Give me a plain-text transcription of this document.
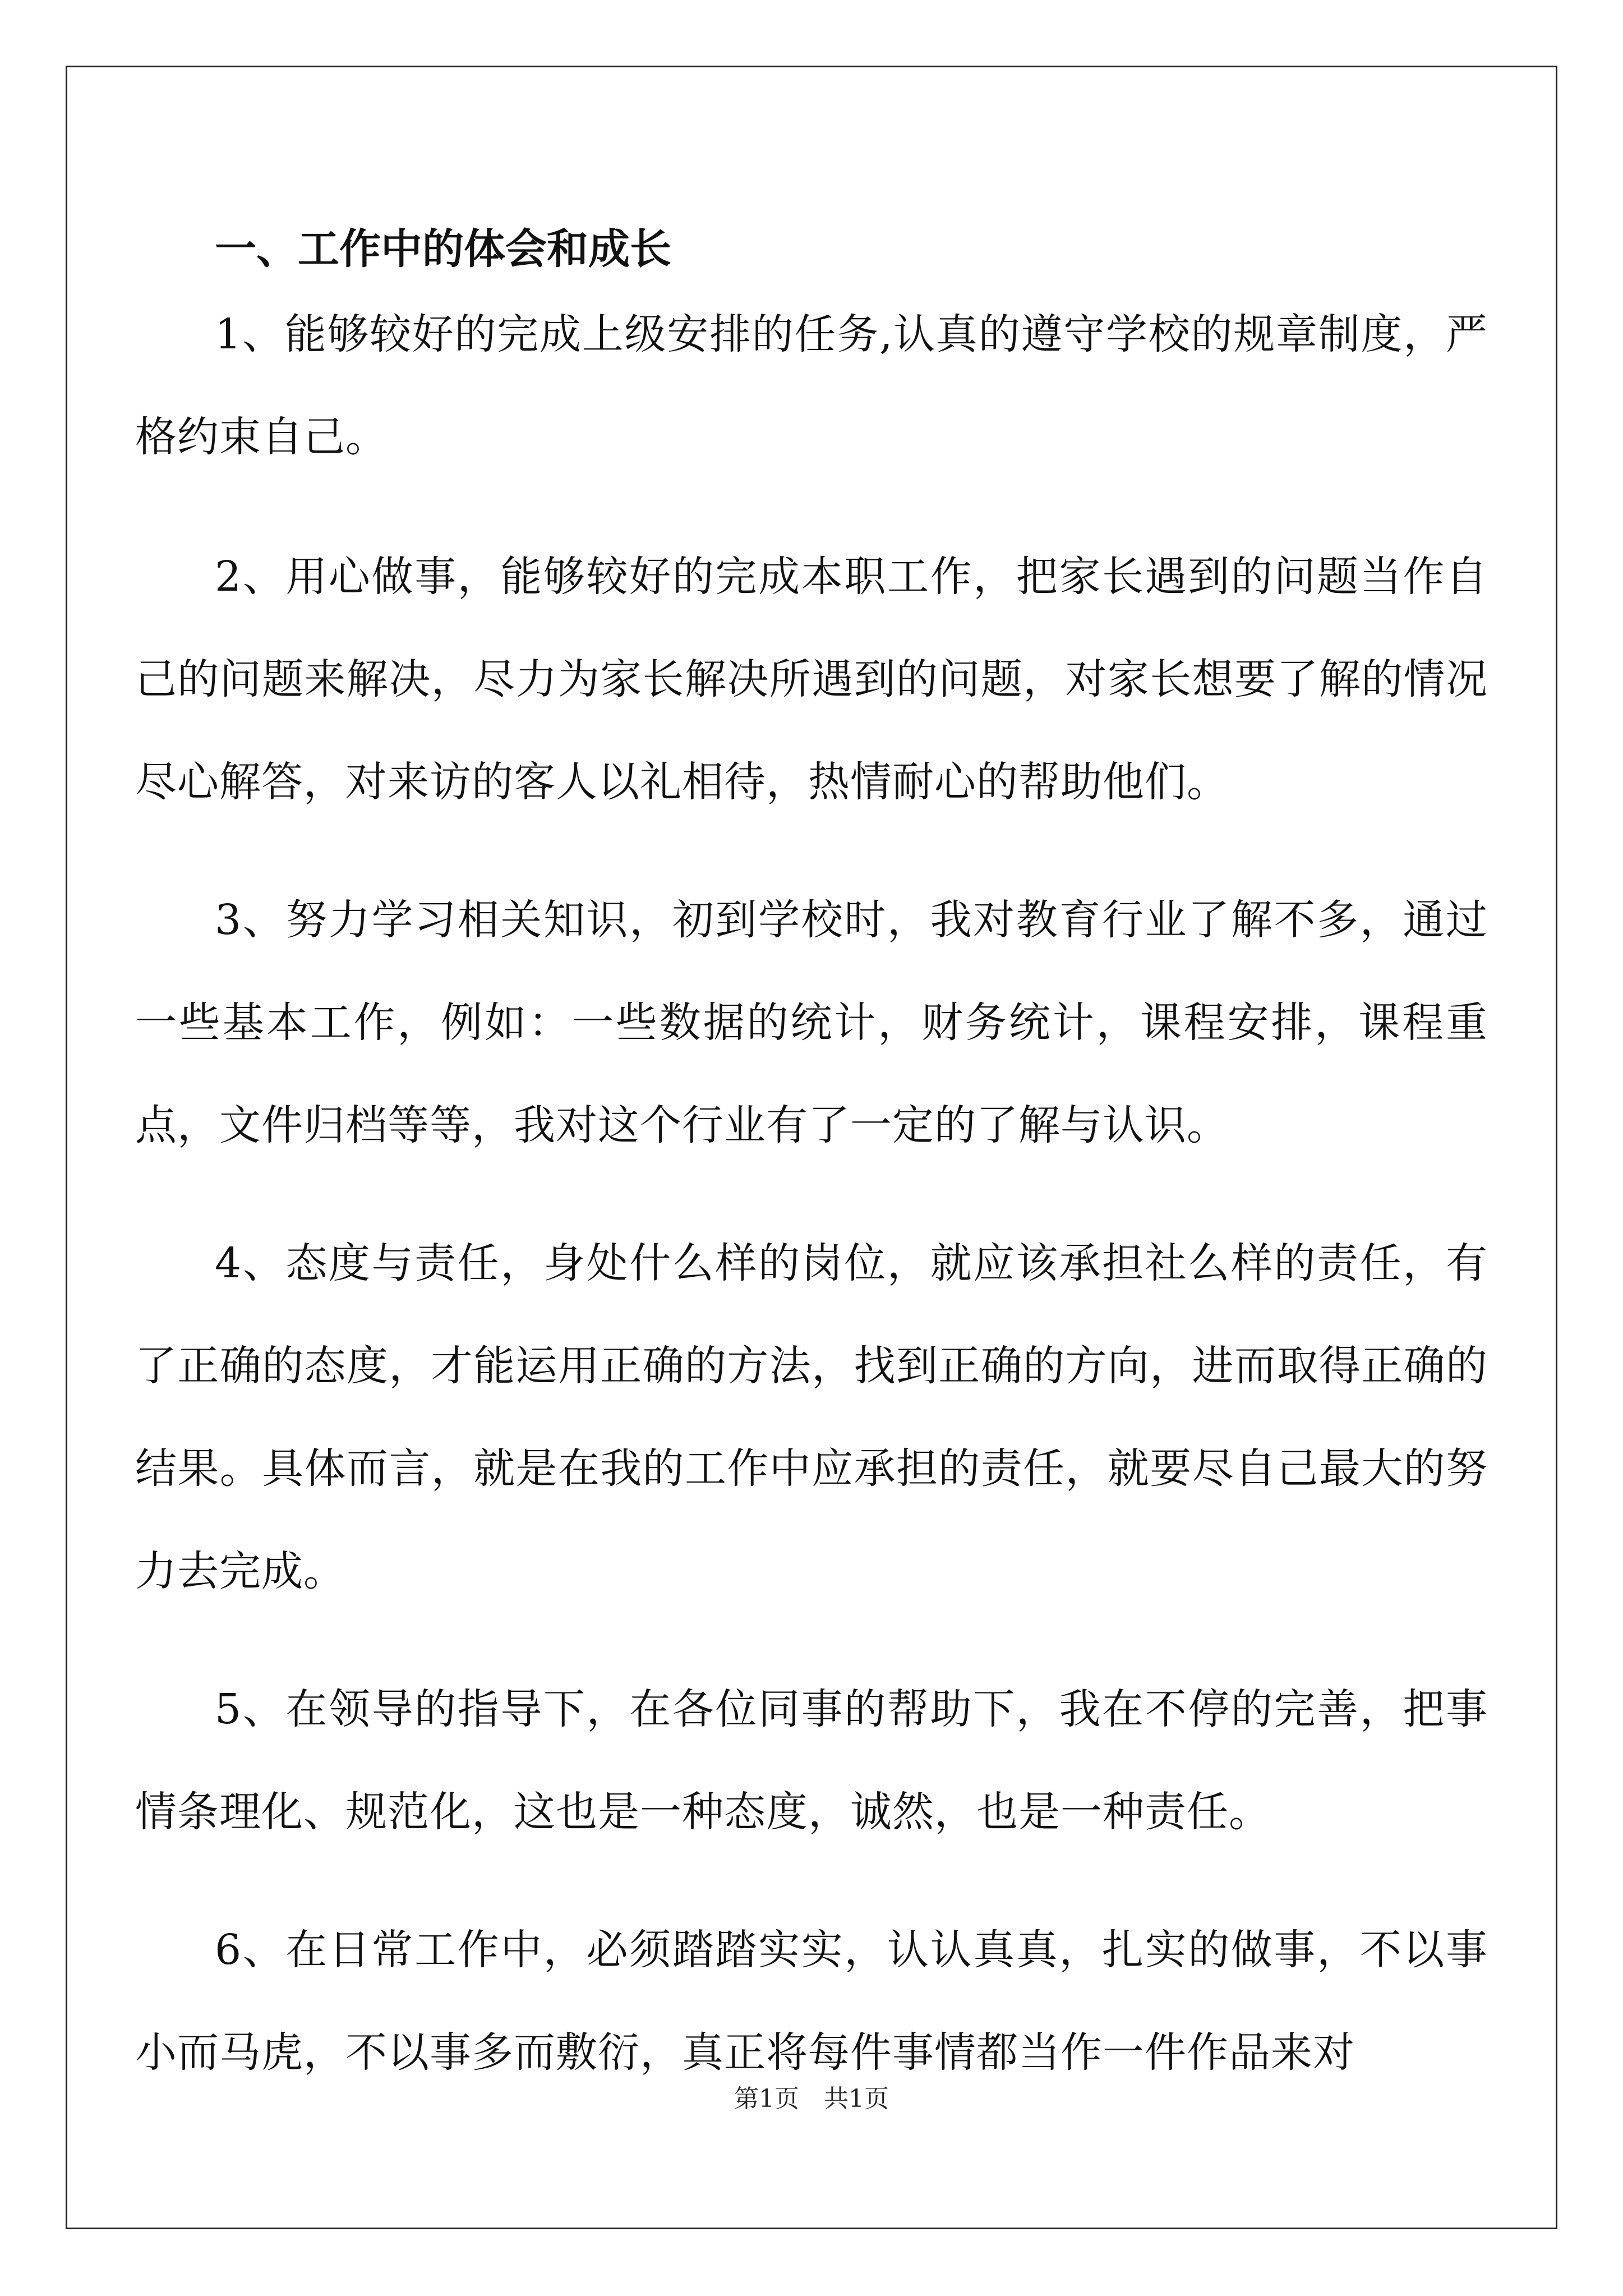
一、工作中的体会和成长

1、能够较好的完成上级安排的任务,认真的遵守学校的规章制度，严格约束自己。

2、用心做事，能够较好的完成本职工作，把家长遇到的问题当作自己的问题来解决，尽力为家长解决所遇到的问题，对家长想要了解的情况尽心解答，对来访的客人以礼相待，热情耐心的帮助他们。

3、努力学习相关知识，初到学校时，我对教育行业了解不多，通过一些基本工作，例如：一些数据的统计，财务统计，课程安排，课程重点，文件归档等等，我对这个行业有了一定的了解与认识。

4、态度与责任，身处什么样的岗位，就应该承担社么样的责任，有了正确的态度，才能运用正确的方法，找到正确的方向，进而取得正确的结果。具体而言，就是在我的工作中应承担的责任，就要尽自己最大的努力去完成。

5、在领导的指导下，在各位同事的帮助下，我在不停的完善，把事情条理化、规范化，这也是一种态度，诚然，也是一种责任。

6、在日常工作中，必须踏踏实实，认认真真，扎实的做事，不以事小而马虎，不以事多而敷衍，真正将每件事情都当作一件作品来对

第1页 共1页
